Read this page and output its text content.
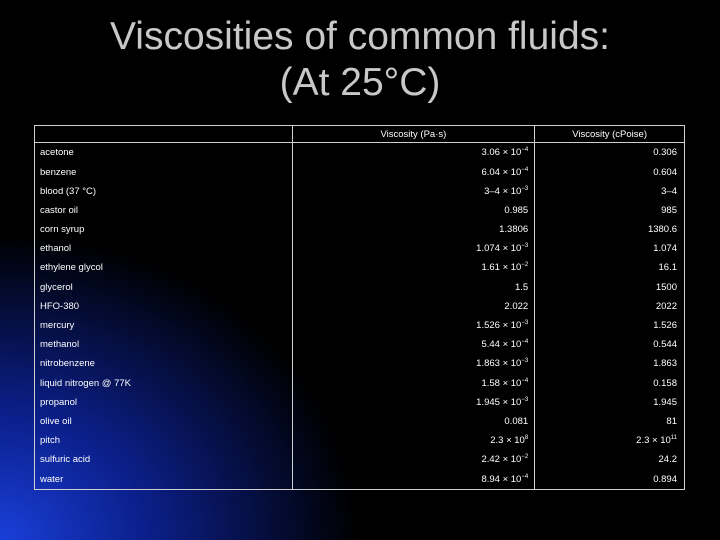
Viscosities of common fluids:
(At 25°C)
	Viscosity (Pa·s)	Viscosity (cPoise)
acetone	$3.06 \times 10^{-4}$	0.306
benzene	$6.04 \times 10^{-4}$	0.604
blood (37 °C)	$3-4 \times 10^{-3}$	3–4
castor oil	0.985	985
corn syrup	1.3806	1380.6
ethanol	$1.074 \times 10^{-3}$	1.074
ethylene glycol	$1.61 \times 10^{-2}$	16.1
glycerol	1.5	1500
HFO-380	2.022	2022
mercury	$1.526 \times 10^{-3}$	1.526
methanol	$5.44 \times 10^{-4}$	0.544
nitrobenzene	$1.863 \times 10^{-3}$	1.863
liquid nitrogen @ 77K	$1.58 \times 10^{-4}$	0.158
propanol	$1.945 \times 10^{-3}$	1.945
olive oil	0.081	81
pitch	$2.3 \times 10^8$	$2.3 \times 10^{11}$
sulfuric acid	$2.42 \times 10^{-2}$	24.2
water	$8.94 \times 10^{-4}$	0.894
